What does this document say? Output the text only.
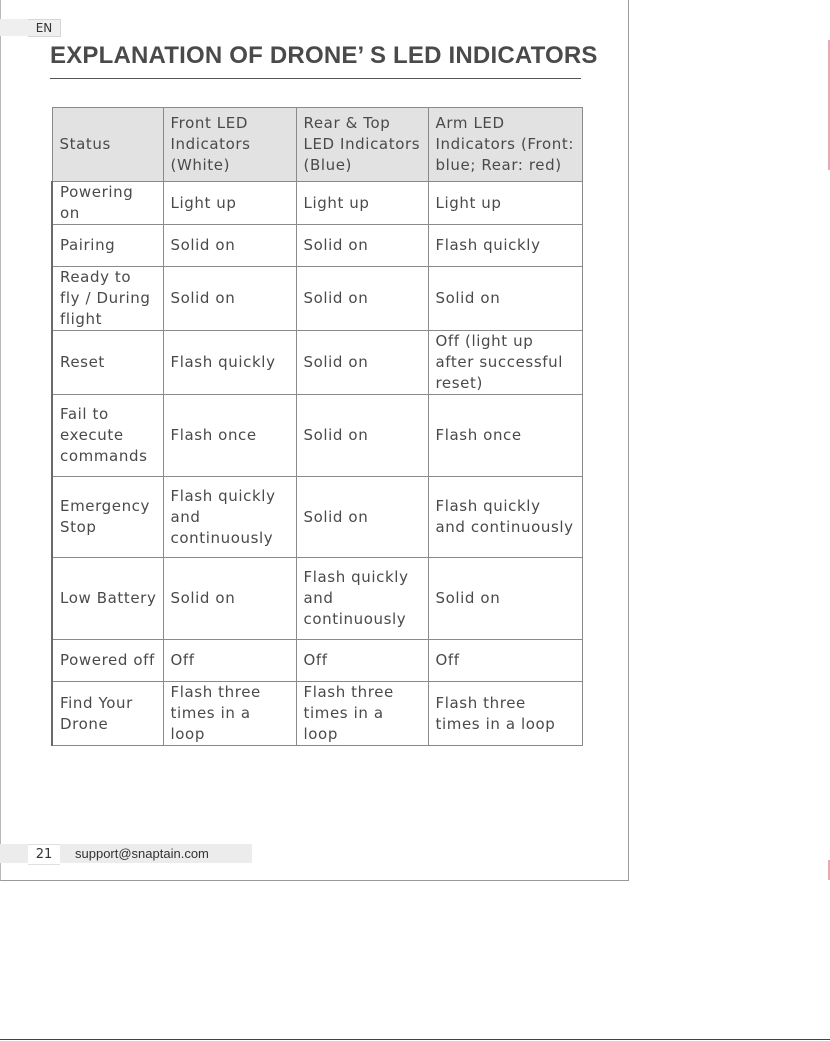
EN
EXPLANATION OF DRONE’ S LED INDICATORS
Status	Front LED Indicators (White)	Rear & Top LED Indicators (Blue)	Arm LED Indicators (Front: blue; Rear: red)
Powering on	Light up	Light up	Light up
Pairing	Solid on	Solid on	Flash quickly
Ready to fly / During flight	Solid on	Solid on	Solid on
Reset	Flash quickly	Solid on	Off (light up after successful reset)
Fail to execute commands	Flash once	Solid on	Flash once
Emergency Stop	Flash quickly and continuously	Solid on	Flash quickly and continuously
Low Battery	Solid on	Flash quickly and continuously	Solid on
Powered off	Off	Off	Off
Find Your Drone	Flash three times in a loop	Flash three times in a loop	Flash three times in a loop
21	support@snaptain.com
